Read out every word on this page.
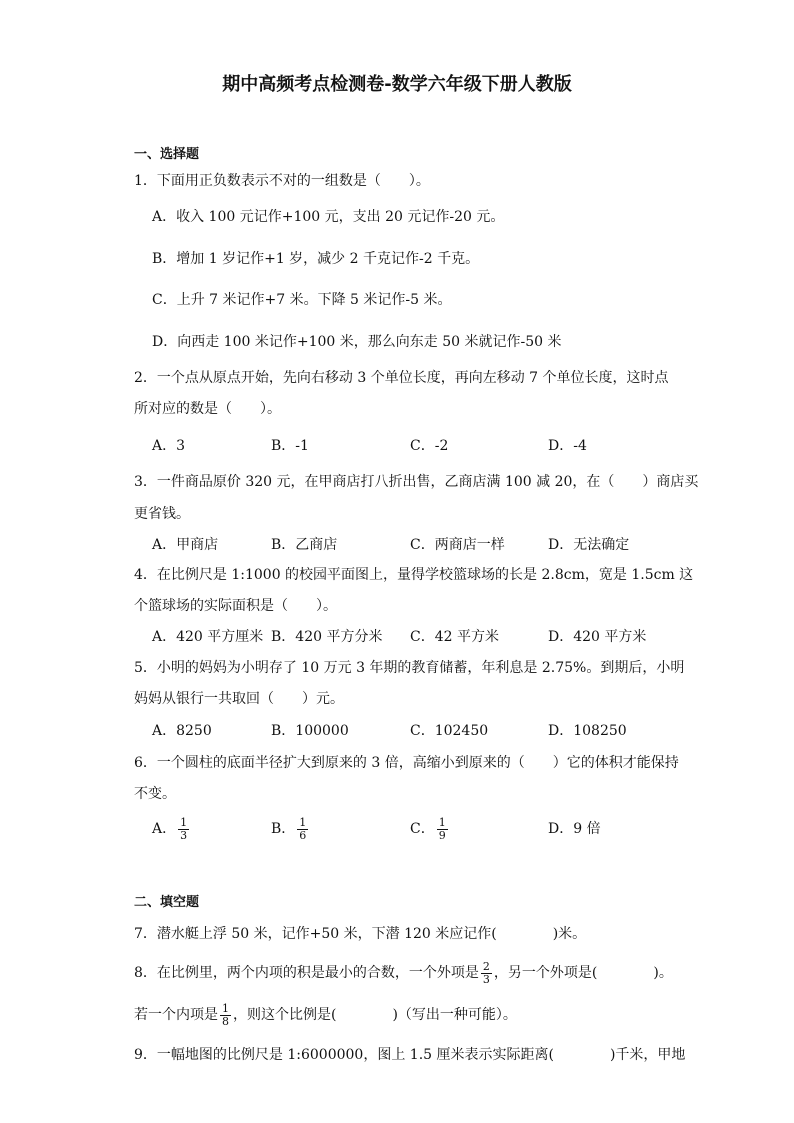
期中高频考点检测卷-数学六年级下册人教版
一、选择题
1．下面用正负数表示不对的一组数是（　　）。
A．收入 100 元记作+100 元，支出 20 元记作-20 元。
B．增加 1 岁记作+1 岁，减少 2 千克记作-2 千克。
C．上升 7 米记作+7 米。下降 5 米记作-5 米。
D．向西走 100 米记作+100 米，那么向东走 50 米就记作-50 米
2．一个点从原点开始，先向右移动 3 个单位长度，再向左移动 7 个单位长度，这时点
所对应的数是（　　）。
A．3	B．-1	C．-2	D．-4
3．一件商品原价 320 元，在甲商店打八折出售，乙商店满 100 减 20，在（　　）商店买
更省钱。
A．甲商店	B．乙商店	C．两商店一样	D．无法确定
4．在比例尺是 1:1000 的校园平面图上，量得学校篮球场的长是 2.8cm，宽是 1.5cm 这
个篮球场的实际面积是（　　）。
A．420 平方厘米 B．420 平方分米 C．42 平方米	D．420 平方米
5．小明的妈妈为小明存了 10 万元 3 年期的教育储蓄，年利息是 2.75%。到期后，小明
妈妈从银行一共取回（　　）元。
A．8250	B．100000	C．102450	D．108250
6．一个圆柱的底面半径扩大到原来的 3 倍，高缩小到原来的（　　）它的体积才能保持
不变。
A． $\frac{1}{3}$	B． $\frac{1}{6}$	C． $\frac{1}{9}$	D．9 倍
二、填空题
7．潜水艇上浮 50 米，记作+50 米，下潜 120 米应记作(　　　　)米。
8．在比例里，两个内项的积是最小的合数，一个外项是 $\frac{2}{3}$ ，另一个外项是(　　　　)。
若一个内项是 $\frac{1}{8}$ ，则这个比例是(　　　　)（写出一种可能）。
9．一幅地图的比例尺是 1:6000000，图上 1.5 厘米表示实际距离(　　　　)千米，甲地
